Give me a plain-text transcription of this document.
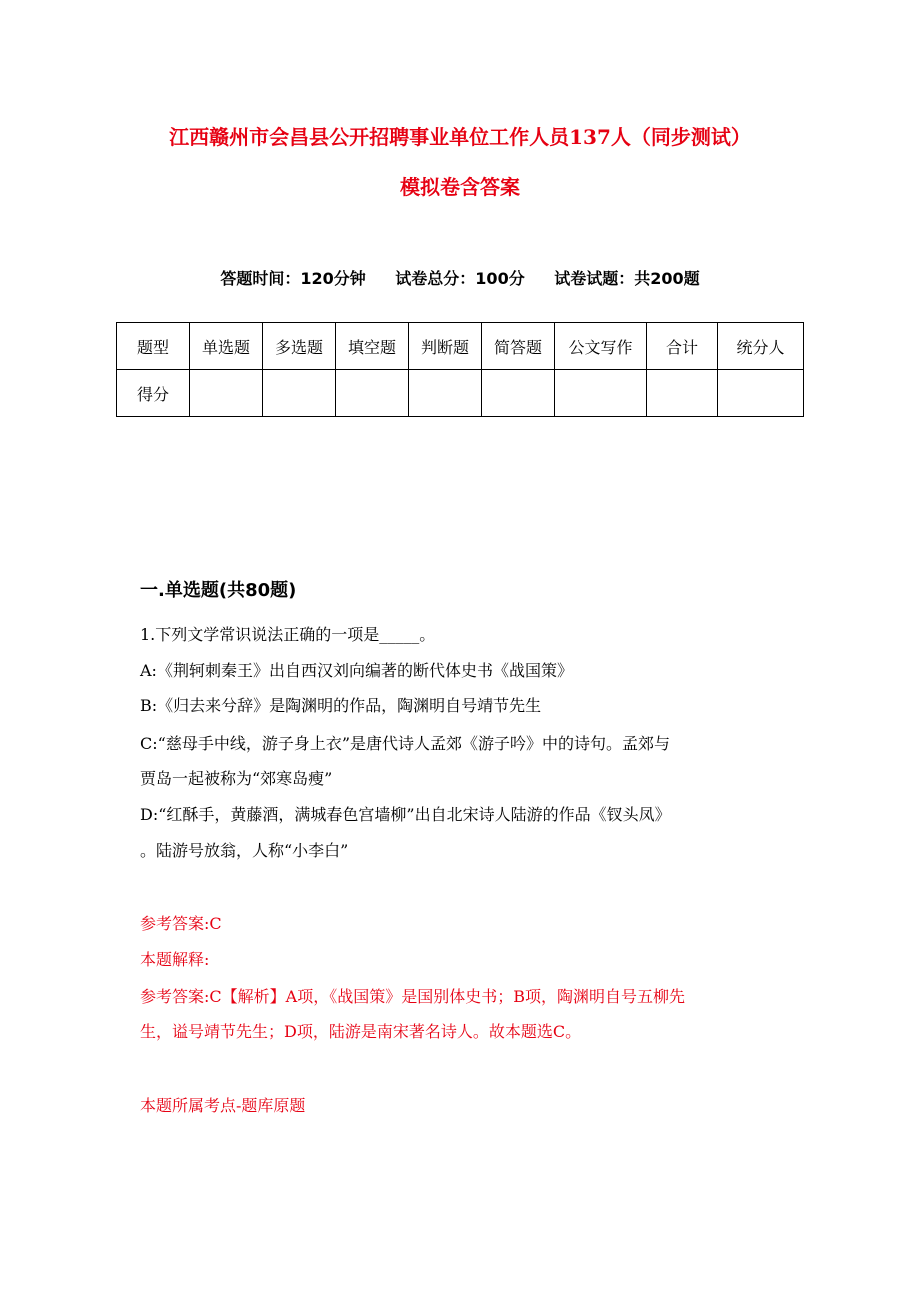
江西赣州市会昌县公开招聘事业单位工作人员137人（同步测试）
模拟卷含答案
答题时间：120分钟 试卷总分：100分 试卷试题：共200题
题型	单选题	多选题	填空题	判断题	简答题	公文写作	合计	统分人
得分								
一.单选题(共80题)
1.下列文学常识说法正确的一项是_____。
A:《荆轲刺秦王》出自西汉刘向编著的断代体史书《战国策》
B:《归去来兮辞》是陶渊明的作品，陶渊明自号靖节先生
C:“慈母手中线，游子身上衣”是唐代诗人孟郊《游子吟》中的诗句。孟郊与
贾岛一起被称为“郊寒岛瘦”
D:“红酥手，黄藤酒，满城春色宫墙柳”出自北宋诗人陆游的作品《钗头凤》
。陆游号放翁，人称“小李白”
参考答案:C
本题解释:
参考答案:C【解析】A项，《战国策》是国别体史书；B项，陶渊明自号五柳先
生，谥号靖节先生；D项，陆游是南宋著名诗人。故本题选C。
本题所属考点-题库原题
